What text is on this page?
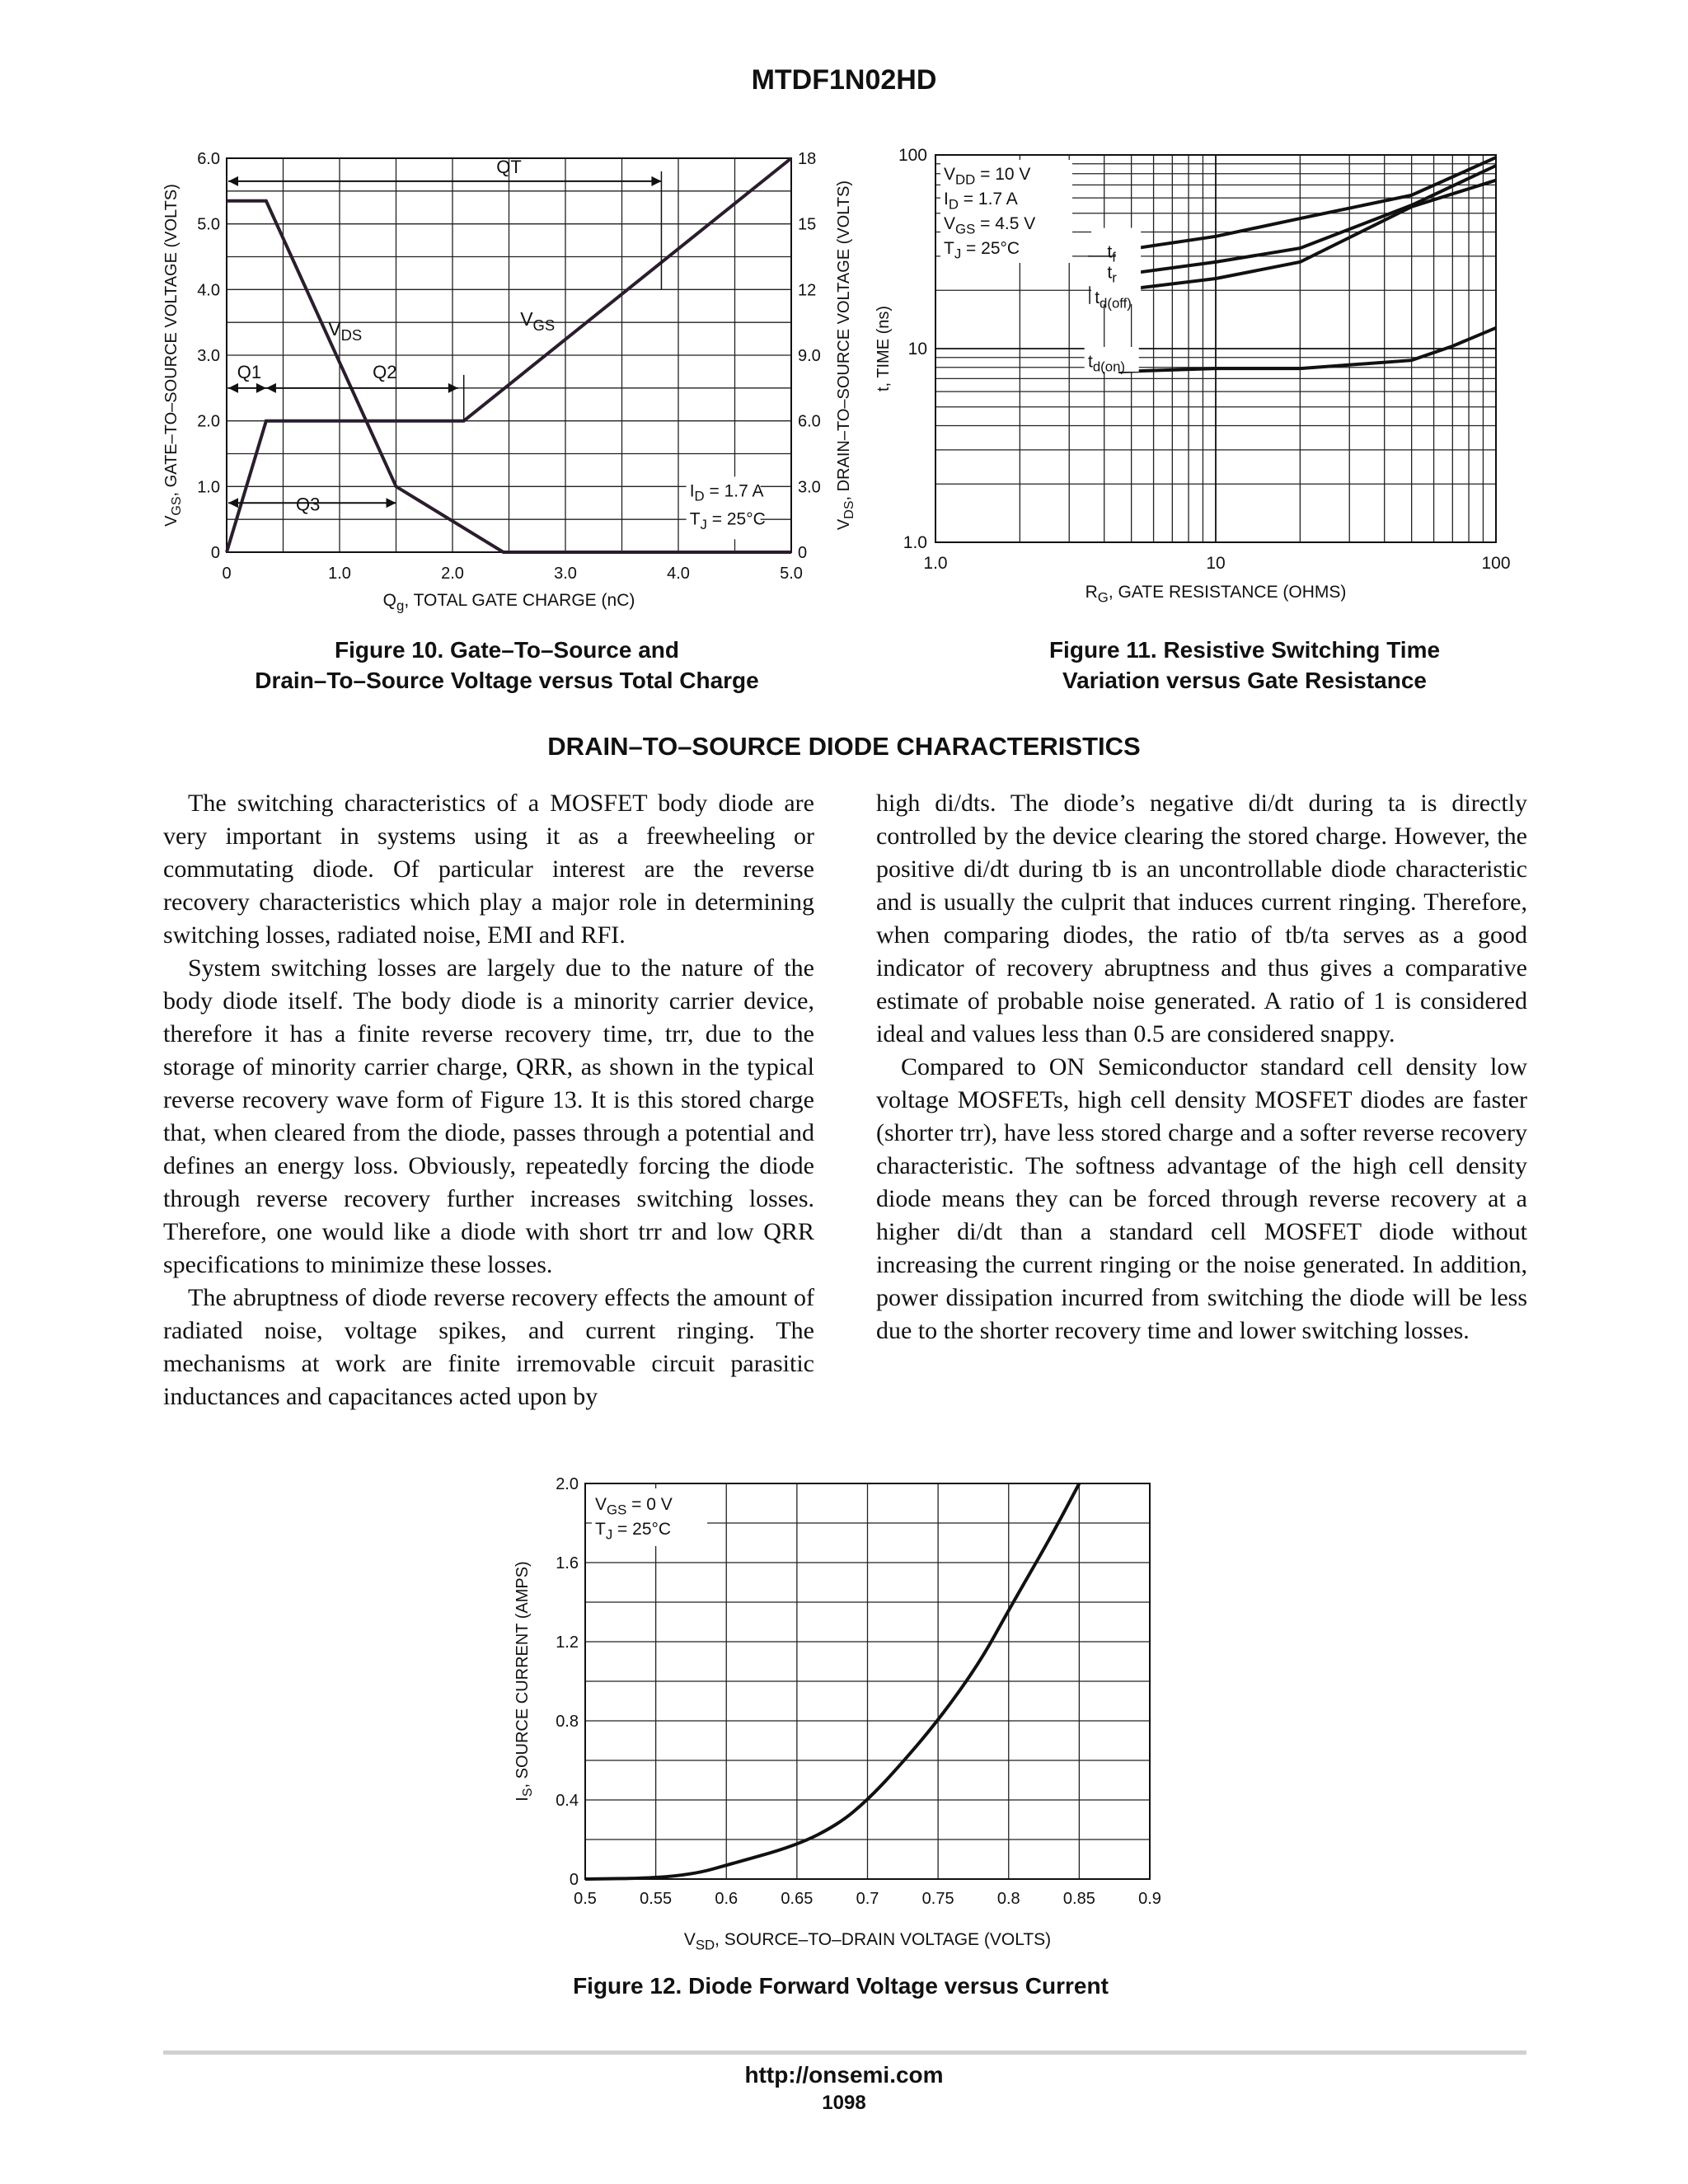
MTDF1N02HD
0	1.0	2.0	3.0	4.0	5.0
0
1.0
2.0
3.0
4.0
5.0
6.0
0
3.0
6.0
9.0
12
15
18
$Q_g$, TOTAL GATE CHARGE (nC)
$V_{GS}$, GATE–TO–SOURCE VOLTAGE (VOLTS)
$V_{DS}$, DRAIN–TO–SOURCE VOLTAGE (VOLTS)
$V_{DS}$
$V_{GS}$
QT
Q1	Q2
Q3
$I_D = 1.7$ A
$T_J = 25^\circ C$
Figure 10. Gate–To–Source and
Drain–To–Source Voltage versus Total Charge
1.0	10	100
1.0
10
100
$R_G$, GATE RESISTANCE (OHMS)
t, TIME (ns)
$V_{DD} = 10$ V
$I_D = 1.7$ A
$V_{GS} = 4.5$ V
$T_J = 25^\circ C$	$t_f$
$t_r$
$t_{d(off)}$
$t_{d(on)}$
Figure 11. Resistive Switching Time
Variation versus Gate Resistance
DRAIN–TO–SOURCE DIODE CHARACTERISTICS

The switching characteristics of a MOSFET body diode are very important in systems using it as a freewheeling or commutating diode. Of particular interest are the reverse recovery characteristics which play a major role in determining switching losses, radiated noise, EMI and RFI.

System switching losses are largely due to the nature of the body diode itself. The body diode is a minority carrier device, therefore it has a finite reverse recovery time, trr, due to the storage of minority carrier charge, QRR, as shown in the typical reverse recovery wave form of Figure 13. It is this stored charge that, when cleared from the diode, passes through a potential and defines an energy loss. Obviously, repeatedly forcing the diode through reverse recovery further increases switching losses. Therefore, one would like a diode with short trr and low QRR specifications to minimize these losses.

The abruptness of diode reverse recovery effects the amount of radiated noise, voltage spikes, and current ringing. The mechanisms at work are finite irremovable circuit parasitic inductances and capacitances acted upon by

high di/dts. The diode’s negative di/dt during ta is directly controlled by the device clearing the stored charge. However, the positive di/dt during tb is an uncontrollable diode characteristic and is usually the culprit that induces current ringing. Therefore, when comparing diodes, the ratio of tb/ta serves as a good indicator of recovery abruptness and thus gives a comparative estimate of probable noise generated. A ratio of 1 is considered ideal and values less than 0.5 are considered snappy.

Compared to ON Semiconductor standard cell density low voltage MOSFETs, high cell density MOSFET diodes are faster (shorter trr), have less stored charge and a softer reverse recovery characteristic. The softness advantage of the high cell density diode means they can be forced through reverse recovery at a higher di/dt than a standard cell MOSFET diode without increasing the current ringing or the noise generated. In addition, power dissipation incurred from switching the diode will be less due to the shorter recovery time and lower switching losses.

0.5	0.55	0.6	0.65	0.7	0.75	0.8	0.85	0.9
0
0.4
0.8
1.2
1.6
2.0
$V_{SD}$, SOURCE–TO–DRAIN VOLTAGE (VOLTS)
$I_S$, SOURCE CURRENT (AMPS)
$V_{GS} = 0$ V
$T_J = 25^\circ C$
Figure 12. Diode Forward Voltage versus Current
http://onsemi.com
1098
